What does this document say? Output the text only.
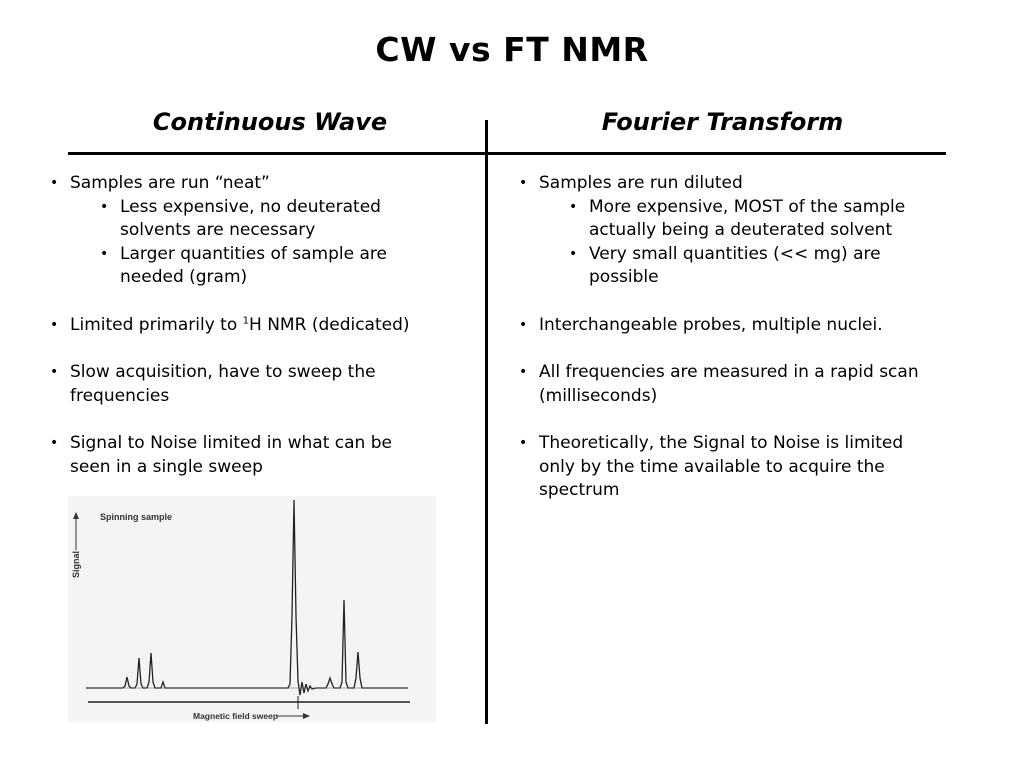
CW vs FT NMR
Continuous Wave	Fourier Transform
• Samples are run “neat”
• Less expensive, no deuterated solvents are necessary
• Larger quantities of sample are needed (gram)
• Limited primarily to $^1$H NMR (dedicated)
• Slow acquisition, have to sweep the frequencies
• Signal to Noise limited in what can be seen in a single sweep
• Samples are run diluted
• More expensive, MOST of the sample actually being a deuterated solvent
• Very small quantities (<< mg) are possible
• Interchangeable probes, multiple nuclei.
• All frequencies are measured in a rapid scan (milliseconds)
• Theoretically, the Signal to Noise is limited only by the time available to acquire the spectrum
Spinning sample
Signal
Magnetic field sweep
